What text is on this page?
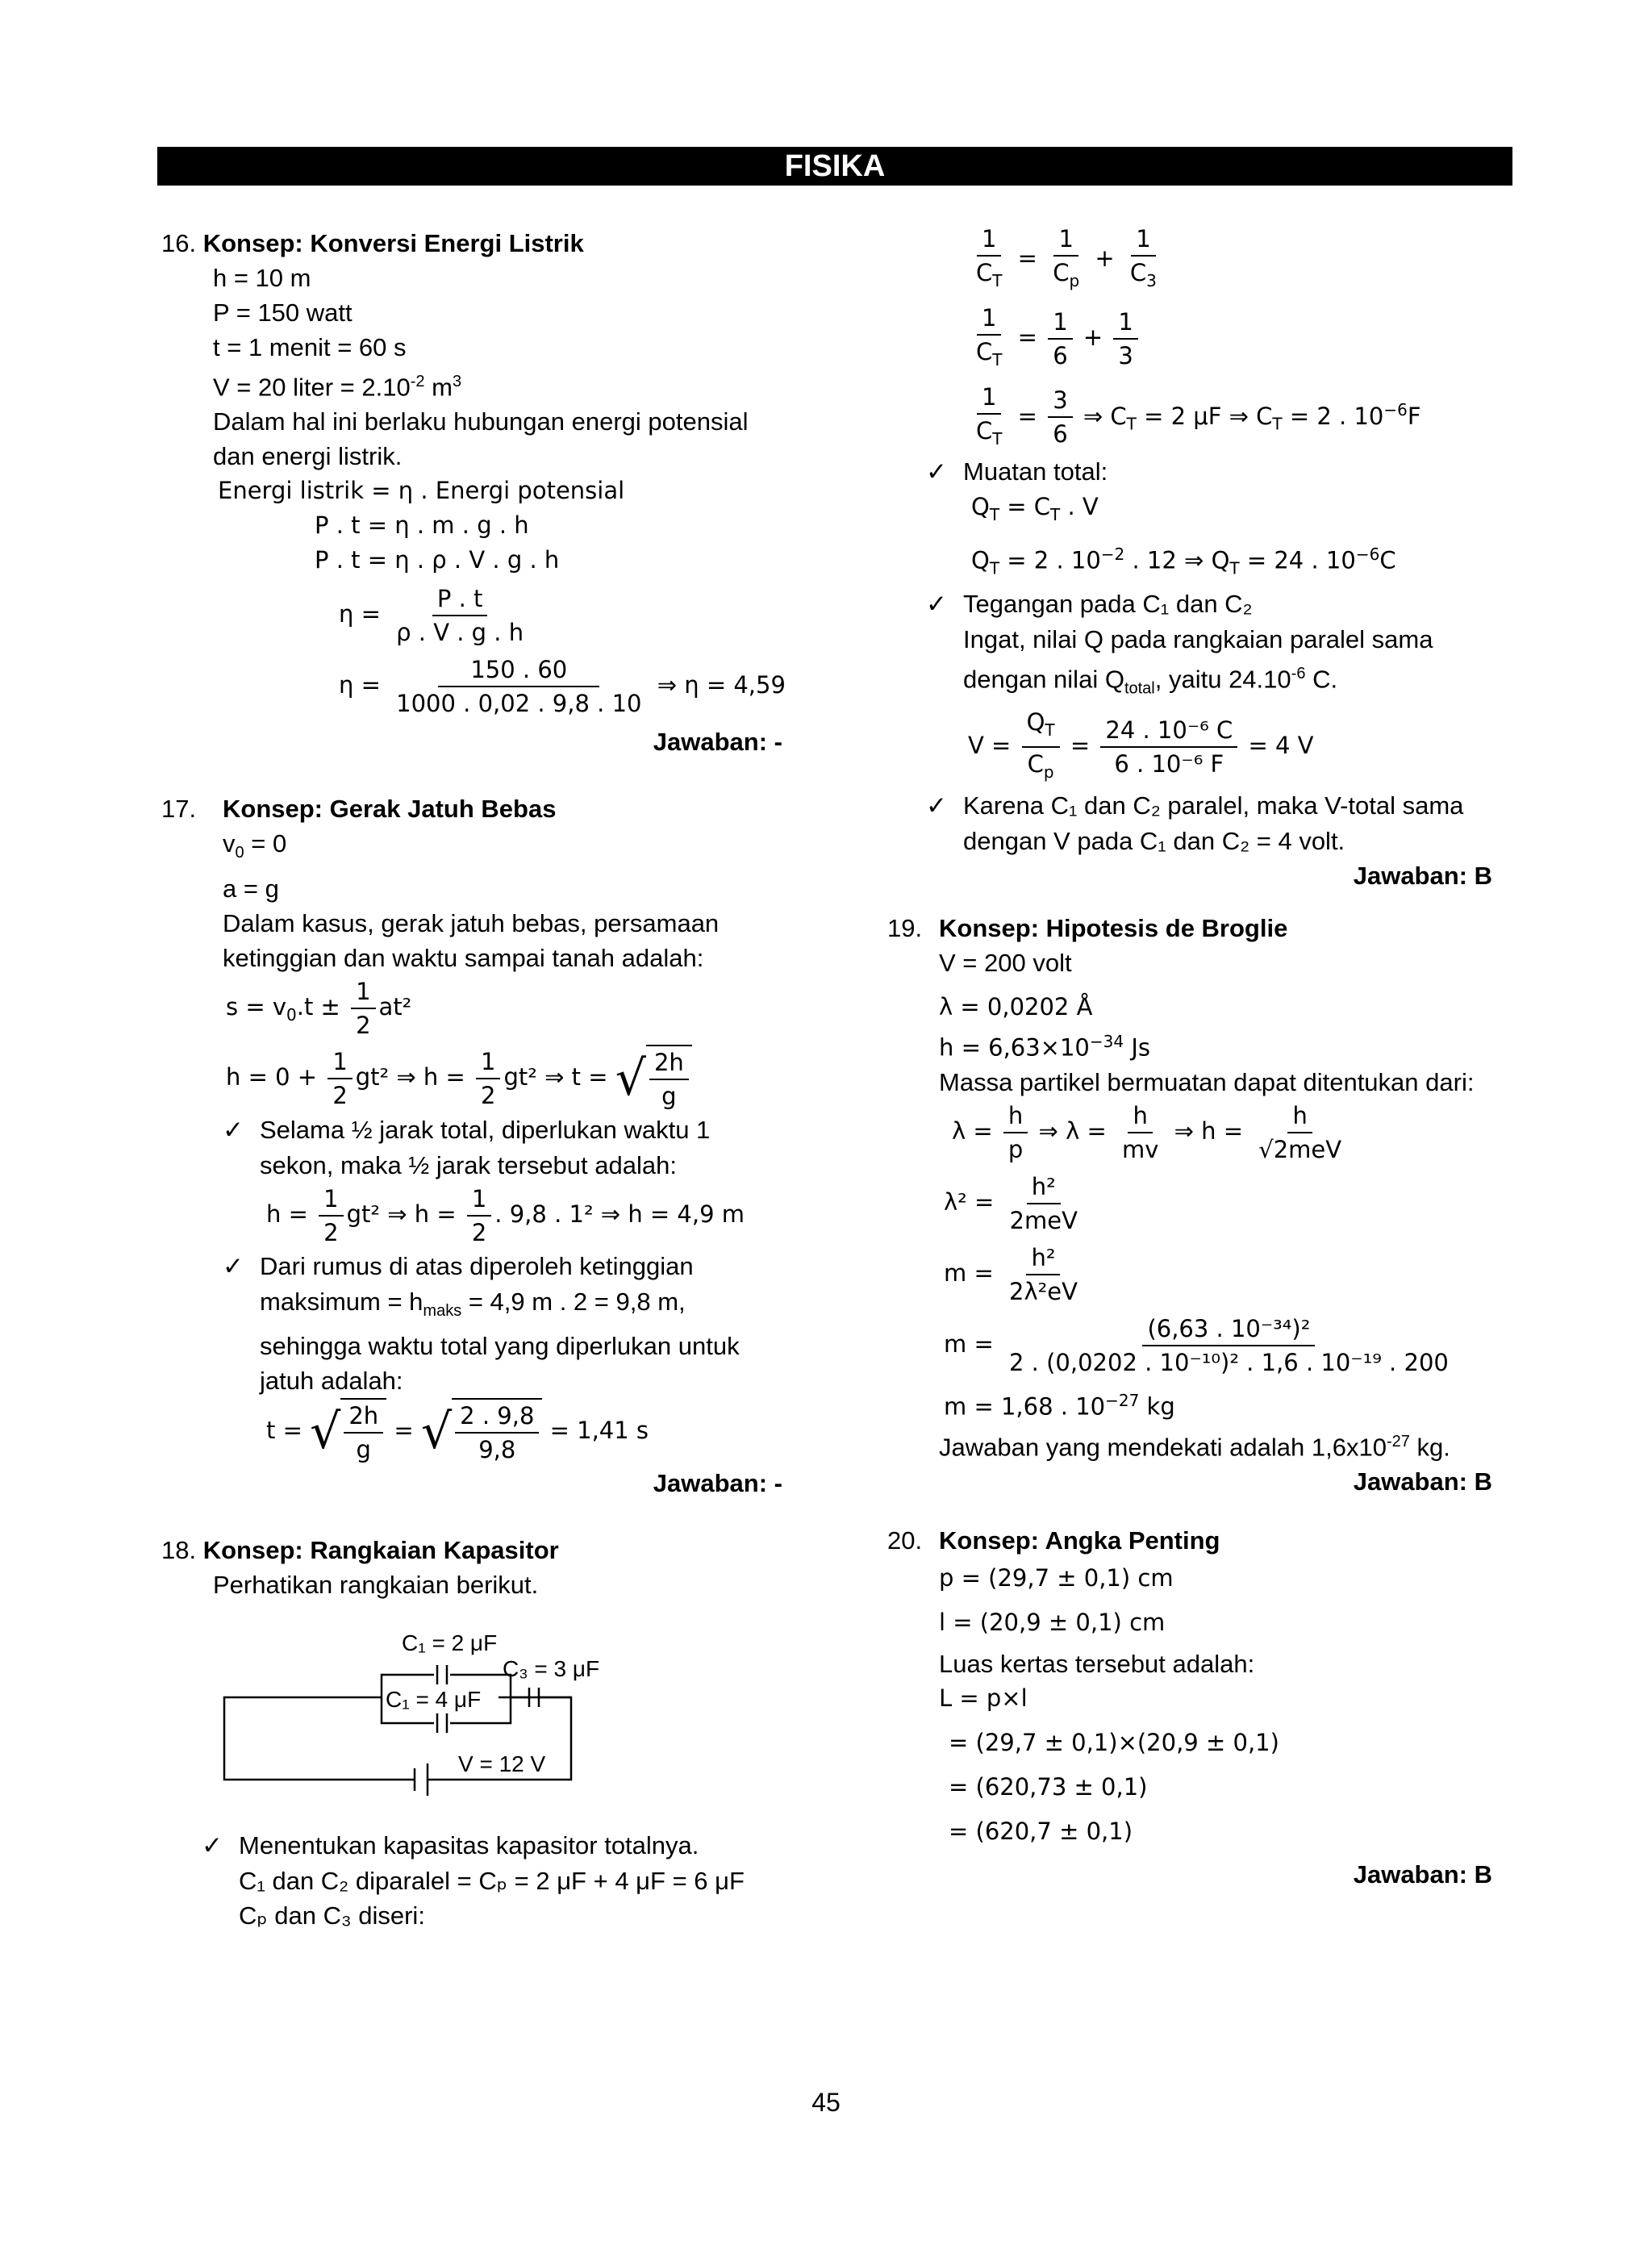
FISIKA
16. Konsep: Konversi Energi Listrik
h = 10 m
P = 150 watt
t = 1 menit = 60 s
V = 20 liter = $2.10^{-2}$ $m^3$
Dalam hal ini berlaku hubungan energi potensial
dan energi listrik.
Energi listrik = η . Energi potensial
P . t = η . m . g . h
P . t = η . ρ . V . g . h
$\eta = \frac{P . t}{\rho . V . g . h}$
$\eta = \frac{150 . 60}{1000 . 0,02 . 9,8 . 10}$ ⇒ η = 4,59
Jawaban: -
17. Konsep: Gerak Jatuh Bebas
$v_0 = 0$
a = g
Dalam kasus, gerak jatuh bebas, persamaan
ketinggian dan waktu sampai tanah adalah:
$s = v_0.t \pm \frac{1}{2} at^2$
$h = 0 + \frac{1}{2} gt^2$ ⇒ $h = \frac{1}{2} gt^2$ ⇒ t = √ $\frac{2h}{g}$
✓ Selama ½ jarak total, diperlukan waktu 1
sekon, maka ½ jarak tersebut adalah:
$h = \frac{1}{2} gt^2$ ⇒ $h = \frac{1}{2}$ . 9,8 . 1² ⇒ h = 4,9 m
✓ Dari rumus di atas diperoleh ketinggian
maksimum = $h_{maks} = 4,9$ m . 2 = 9,8 m,
sehingga waktu total yang diperlukan untuk
jatuh adalah:
t = √ $\frac{2h}{g}$ = √ $\frac{2 . 9,8}{9,8} = 1,41$ s
Jawaban: -
18. Konsep: Rangkaian Kapasitor
Perhatikan rangkaian berikut.
C₁ = 2 μF
C₁ = 4 μF
C₃ = 3 μF
V = 12 V
✓ Menentukan kapasitas kapasitor totalnya.
C₁ dan C₂ diparalel = Cₚ = 2 μF + 4 μF = 6 μF
Cₚ dan C₃ diseri:
$\frac{1}{C_T} = \frac{1}{C_p} + \frac{1}{C_3}$
$\frac{1}{C_T} = \frac{1}{6} + \frac{1}{3}$
$\frac{1}{C_T} = \frac{3}{6}$ ⇒ $C_T = 2$ μF ⇒ $C_T = 2$ . $10^{-6}F$
✓ Muatan total:
$Q_T = C_T$ . V
$Q_T = 2$ . $10^{-2}$ . 12 ⇒ $Q_T = 24$ . $10^{-6}C$
✓ Tegangan pada C₁ dan C₂
Ingat, nilai Q pada rangkaian paralel sama
dengan nilai $Q_{total}$, yaitu $24.10^{-6}$ C.
$V = \frac{Q_T}{C_p} = \frac{\text{24 . 10⁻⁶ C}}{\text{6 . 10⁻⁶ F}} = 4$ V
✓ Karena C₁ dan C₂ paralel, maka V-total sama
dengan V pada C₁ dan C₂ = 4 volt.
Jawaban: B
19. Konsep: Hipotesis de Broglie
V = 200 volt
λ = 0,0202 Å
$h = 6,63\times 10^{-34}$ Js
Massa partikel bermuatan dapat ditentukan dari:
$\lambda = \frac{h}{p}$ ⇒ $\lambda = \frac{h}{mv}$ ⇒ $h = \frac{h}{\text{√2meV}}$
$\lambda^2 = \frac{\text{h²}}{\text{2meV}}$
$m = \frac{\text{h²}}{\text{2λ²eV}}$
$m = \frac{\text{(6,63 . 10⁻³⁴)²}}{\text{2 . (0,0202 . 10⁻¹⁰)² . 1,6 . 10⁻¹⁹ . 200}}$
m = 1,68 . $10^{-27}$ kg
Jawaban yang mendekati adalah $1,6x10^{-27}$ kg.
Jawaban: B
20. Konsep: Angka Penting
p = (29,7 ± 0,1) cm
l = (20,9 ± 0,1) cm
Luas kertas tersebut adalah:
L = p×l
= (29,7 ± 0,1)×(20,9 ± 0,1)
= (620,73 ± 0,1)
= (620,7 ± 0,1)
Jawaban: B
45
